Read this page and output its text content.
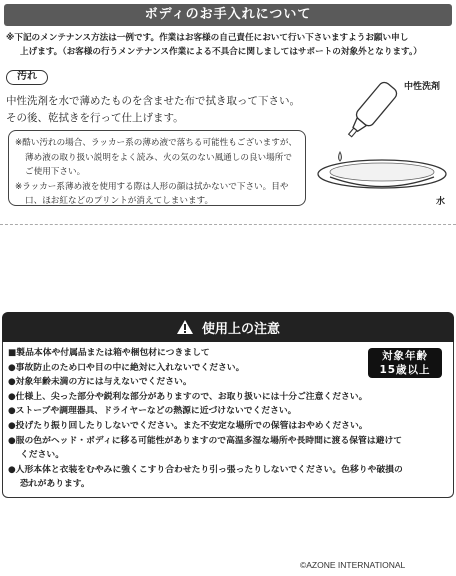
ボディのお手入れについて
※下記のメンテナンス方法は一例です。作業はお客様の自己責任において行い下さいますようお願い申し
上げます。（お客様の行うメンテナンス作業による不具合に関しましてはサポートの対象外となります。）
汚れ
中性洗剤を水で薄めたものを含ませた布で拭き取って下さい。
その後、乾拭きを行って仕上げます。
※酷い汚れの場合、ラッカー系の薄め液で落ちる可能性もございますが、
薄め液の取り扱い説明をよく読み、火の気のない風通しの良い場所で
ご使用下さい。
※ラッカー系薄め液を使用する際は人形の顔は拭かないで下さい。目や
口、ほお紅などのプリントが消えてしまいます。
中性洗剤
水
使用上の注意
対象年齢
15歳以上
■製品本体や付属品または箱や梱包材につきまして
●事故防止のため口や目の中に絶対に入れないでください。
●対象年齢未満の方には与えないでください。
●仕様上、尖った部分や鋭利な部分がありますので、お取り扱いには十分ご注意ください。
●ストーブや調理器具、ドライヤーなどの熱源に近づけないでください。
●投げたり振り回したりしないでください。また不安定な場所での保管はおやめください。
●服の色がヘッド・ボディに移る可能性がありますので高温多湿な場所や長時間に渡る保管は避けて
ください。
●人形本体と衣装をむやみに強くこすり合わせたり引っ張ったりしないでください。色移りや破損の
恐れがあります。
©AZONE INTERNATIONAL
